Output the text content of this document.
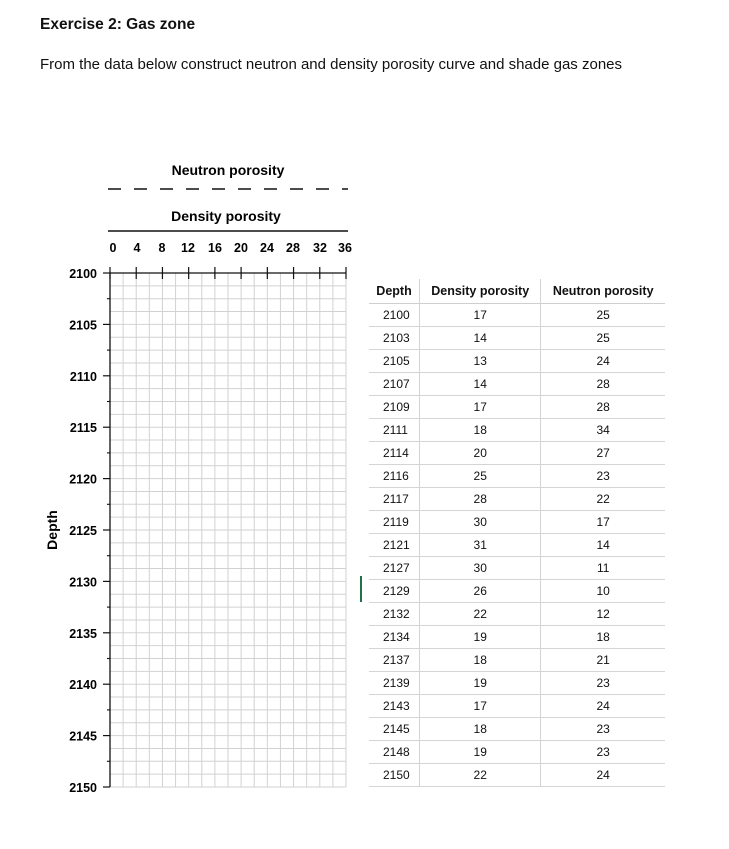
Exercise 2: Gas zone
From the data below construct neutron and density porosity curve and shade gas zones
Neutron porosity
Density porosity
0 4 8 12 16 20 24 28 32 36
2100
2105
2110
2115
2120
2125
2130
2135
2140
2145
2150
Depth
Depth	Density porosity	Neutron porosity
2100	17	25
2103	14	25
2105	13	24
2107	14	28
2109	17	28
2111	18	34
2114	20	27
2116	25	23
2117	28	22
2119	30	17
2121	31	14
2127	30	11
2129	26	10
2132	22	12
2134	19	18
2137	18	21
2139	19	23
2143	17	24
2145	18	23
2148	19	23
2150	22	24
